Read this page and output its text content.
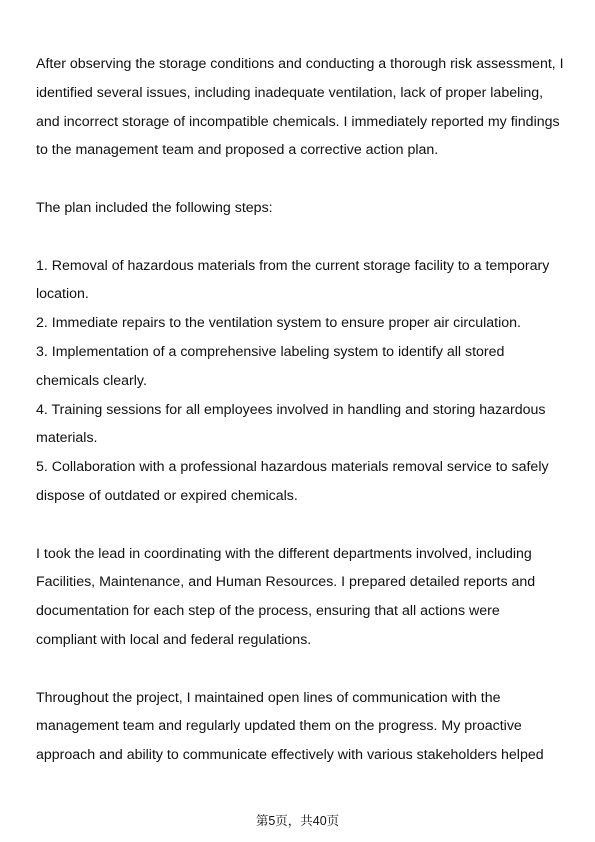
After observing the storage conditions and conducting a thorough risk assessment, I identified several issues, including inadequate ventilation, lack of proper labeling, and incorrect storage of incompatible chemicals. I immediately reported my findings to the management team and proposed a corrective action plan.

The plan included the following steps:

1. Removal of hazardous materials from the current storage facility to a temporary location.

2. Immediate repairs to the ventilation system to ensure proper air circulation.

3. Implementation of a comprehensive labeling system to identify all stored chemicals clearly.

4. Training sessions for all employees involved in handling and storing hazardous materials.

5. Collaboration with a professional hazardous materials removal service to safely dispose of outdated or expired chemicals.

I took the lead in coordinating with the different departments involved, including Facilities, Maintenance, and Human Resources. I prepared detailed reports and documentation for each step of the process, ensuring that all actions were compliant with local and federal regulations.

Throughout the project, I maintained open lines of communication with the management team and regularly updated them on the progress. My proactive approach and ability to communicate effectively with various stakeholders helped

第5页，共40页
